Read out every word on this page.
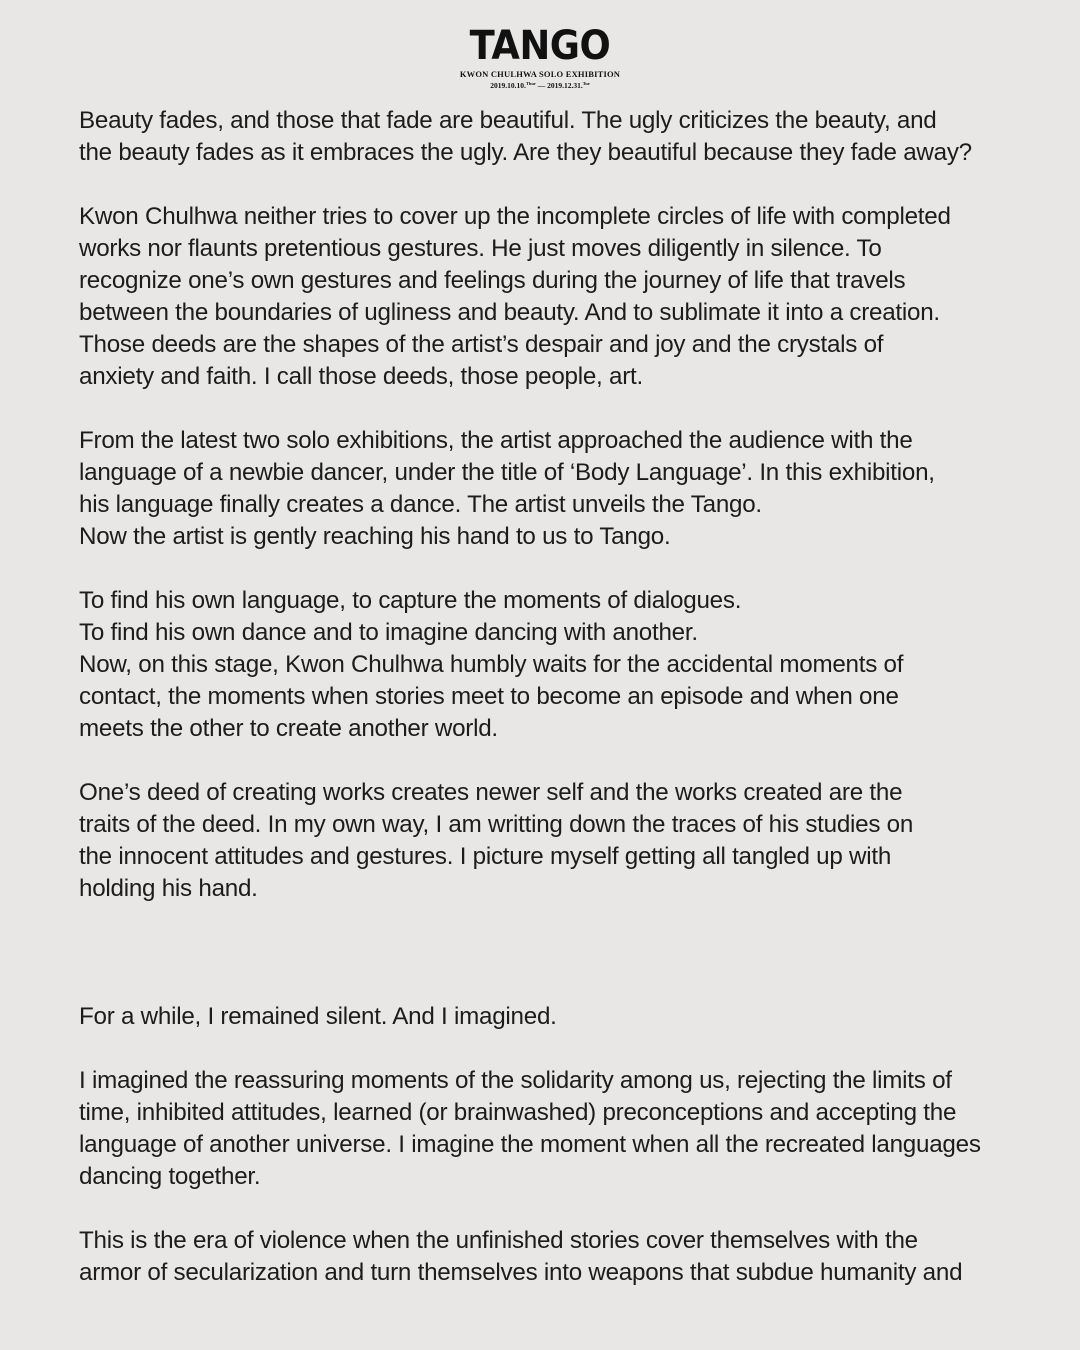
TANGO
KWON CHULHWA SOLO EXHIBITION
2019.10.10.$^{Thur}$ — 2019.12.31.$^{Tue}$

Beauty fades, and those that fade are beautiful. The ugly criticizes the beauty, and
the beauty fades as it embraces the ugly. Are they beautiful because they fade away?

Kwon Chulhwa neither tries to cover up the incomplete circles of life with completed
works nor flaunts pretentious gestures. He just moves diligently in silence. To
recognize one’s own gestures and feelings during the journey of life that travels
between the boundaries of ugliness and beauty. And to sublimate it into a creation.
Those deeds are the shapes of the artist’s despair and joy and the crystals of
anxiety and faith. I call those deeds, those people, art.

From the latest two solo exhibitions, the artist approached the audience with the
language of a newbie dancer, under the title of ‘Body Language’. In this exhibition,
his language finally creates a dance. The artist unveils the Tango.
Now the artist is gently reaching his hand to us to Tango.

To find his own language, to capture the moments of dialogues.
To find his own dance and to imagine dancing with another.
Now, on this stage, Kwon Chulhwa humbly waits for the accidental moments of
contact, the moments when stories meet to become an episode and when one
meets the other to create another world.

One’s deed of creating works creates newer self and the works created are the
traits of the deed. In my own way, I am writting down the traces of his studies on
the innocent attitudes and gestures. I picture myself getting all tangled up with
holding his hand.

For a while, I remained silent. And I imagined.

I imagined the reassuring moments of the solidarity among us, rejecting the limits of
time, inhibited attitudes, learned (or brainwashed) preconceptions and accepting the
language of another universe. I imagine the moment when all the recreated languages
dancing together.

This is the era of violence when the unfinished stories cover themselves with the
armor of secularization and turn themselves into weapons that subdue humanity and
